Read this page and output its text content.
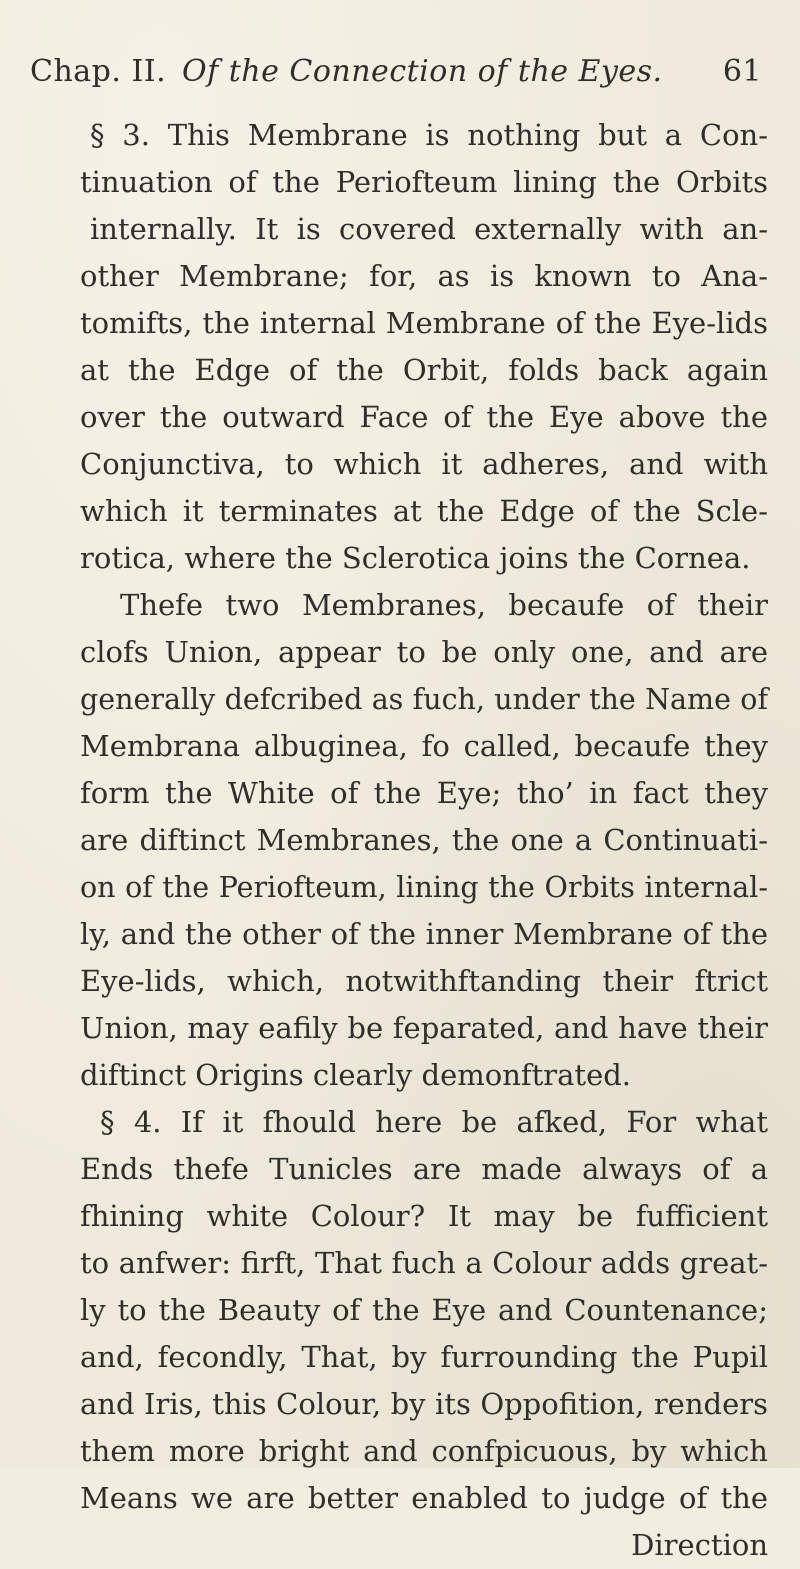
Chap. II. Of the Connection of the Eyes. 61
§ 3. This Membrane is nothing but a Con-
tinuation of the Periofteum lining the Orbits
internally. It is covered externally with an-
other Membrane; for, as is known to Ana-
tomifts, the internal Membrane of the Eye-lids
at the Edge of the Orbit, folds back again
over the outward Face of the Eye above the
Conjunctiva, to which it adheres, and with
which it terminates at the Edge of the Scle-
rotica, where the Sclerotica joins the Cornea.
Thefe two Membranes, becaufe of their
clofs Union, appear to be only one, and are
generally defcribed as fuch, under the Name of
Membrana albuginea, fo called, becaufe they
form the White of the Eye; tho’ in fact they
are diftinct Membranes, the one a Continuati-
on of the Periofteum, lining the Orbits internal-
ly, and the other of the inner Membrane of the
Eye-lids, which, notwithftanding their ftrict
Union, may eafily be feparated, and have their
diftinct Origins clearly demonftrated.
§ 4. If it fhould here be afked, For what
Ends thefe Tunicles are made always of a
fhining white Colour? It may be fufficient
to anfwer: firft, That fuch a Colour adds great-
ly to the Beauty of the Eye and Countenance;
and, fecondly, That, by furrounding the Pupil
and Iris, this Colour, by its Oppofition, renders
them more bright and confpicuous, by which
Means we are better enabled to judge of the
Direction
